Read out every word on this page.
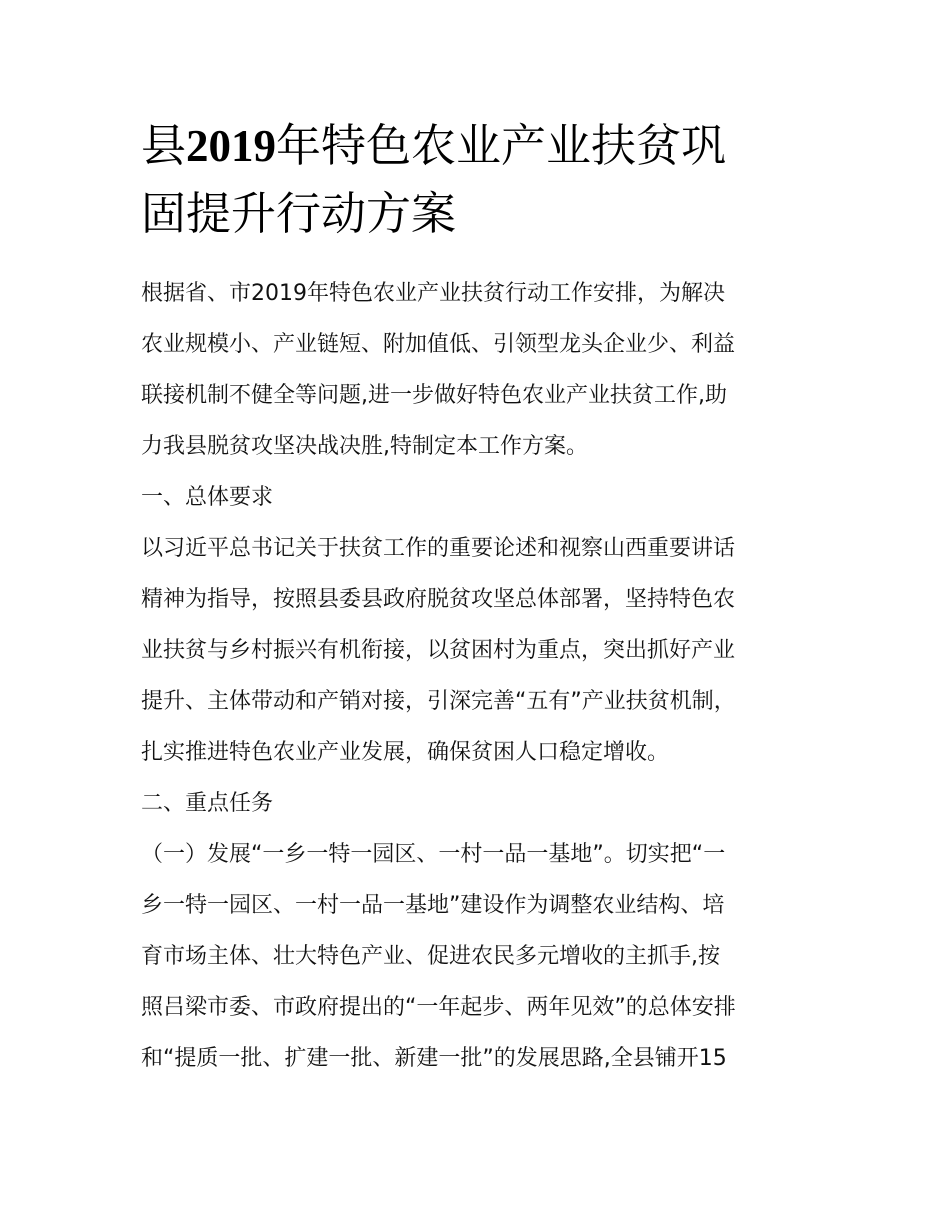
县2019年特色农业产业扶贫巩
固提升行动方案
根据省、市2019年特色农业产业扶贫行动工作安排，为解决
农业规模小、产业链短、附加值低、引领型龙头企业少、利益
联接机制不健全等问题,进一步做好特色农业产业扶贫工作,助
力我县脱贫攻坚决战决胜,特制定本工作方案。
一、总体要求
以习近平总书记关于扶贫工作的重要论述和视察山西重要讲话
精神为指导，按照县委县政府脱贫攻坚总体部署，坚持特色农
业扶贫与乡村振兴有机衔接，以贫困村为重点，突出抓好产业
提升、主体带动和产销对接，引深完善“五有”产业扶贫机制，
扎实推进特色农业产业发展，确保贫困人口稳定增收。
二、重点任务
（一）发展“一乡一特一园区、一村一品一基地”。切实把“一
乡一特一园区、一村一品一基地”建设作为调整农业结构、培
育市场主体、壮大特色产业、促进农民多元增收的主抓手,按
照吕梁市委、市政府提出的“一年起步、两年见效”的总体安排
和“提质一批、扩建一批、新建一批”的发展思路,全县铺开15
